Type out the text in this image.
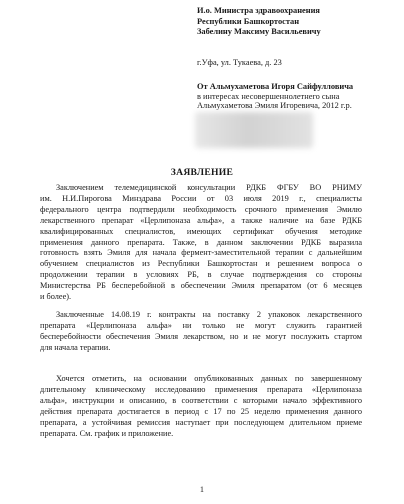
И.о. Министра здравоохранения
Республики Башкортостан
Забелину Максиму Васильевичу
г.Уфа, ул. Тукаева, д. 23
От Альмухаметова Игоря Сайфулловича
в интересах несовершеннолетнего сына
Альмухаметова Эмиля Игоревича, 2012 г.р.
ЗАЯВЛЕНИЕ
Заключением телемедицинской консультации РДКБ ФГБУ ВО РНИМУ
им. Н.И.Пирогова Минздрава России от 03 июля 2019 г., специалисты
федерального центра подтвердили необходимость срочного применения Эмилю
лекарственного препарат «Церлипоназа альфа», а также наличие на базе РДКБ
квалифицированных специалистов, имеющих сертификат обучения методике
применения данного препарата. Также, в данном заключении РДКБ выразила
готовность взять Эмиля для начала фермент-заместительной терапии с дальнейшим
обучением специалистов из Республики Башкортостан и решением вопроса о
продолжении терапии в условиях РБ, в случае подтверждения со стороны
Министерства РБ бесперебойной в обеспечении Эмиля препаратом (от 6 месяцев
и более).
Заключенные 14.08.19 г. контракты на поставку 2 упаковок лекарственного
препарата «Церлипоназа альфа» ни только не могут служить гарантией
бесперебойности обеспечения Эмиля лекарством, но и не могут послужить стартом
для начала терапии.
Хочется отметить, на основании опубликованных данных по завершенному
длительному клиническому исследованию применения препарата «Церлипоназа
альфа», инструкции и описанию, в соответствии с которыми начало эффективного
действия препарата достигается в период с 17 по 25 неделю применения данного
препарата, а устойчивая ремиссия наступает при последующем длительном приеме
препарата. См. график и приложение.
1
